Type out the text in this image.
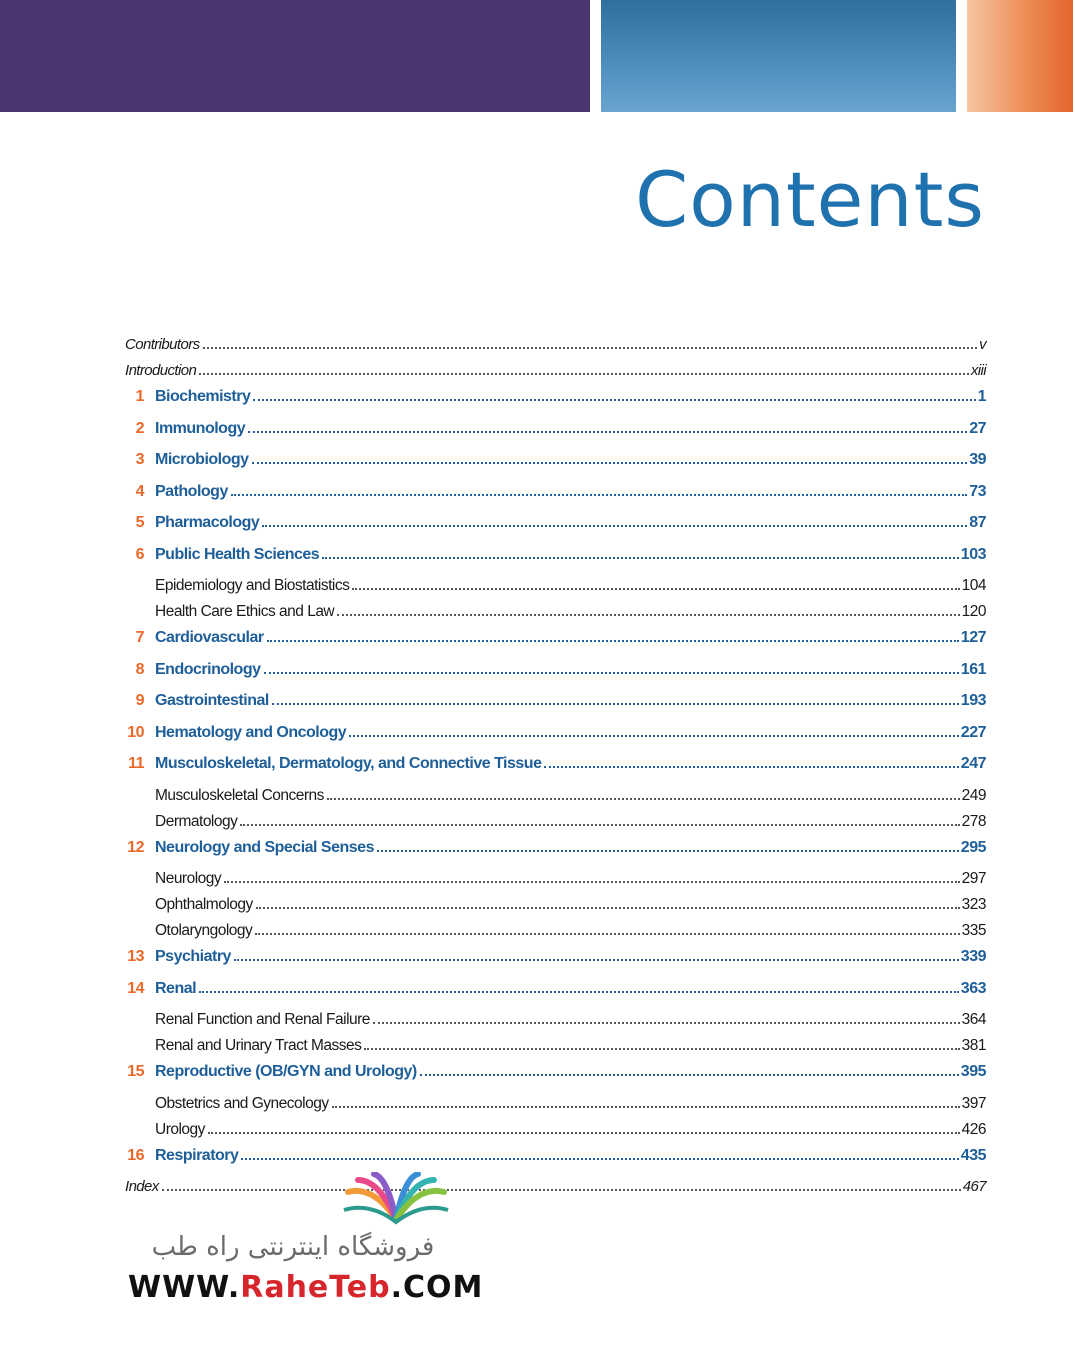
Contents
Contributors	v
Introduction	xiii
1 Biochemistry	1
2 Immunology	27
3 Microbiology	39
4 Pathology	73
5 Pharmacology	87
6 Public Health Sciences	103
Epidemiology and Biostatistics	104
Health Care Ethics and Law	120
7 Cardiovascular	127
8 Endocrinology	161
9 Gastrointestinal	193
10 Hematology and Oncology	227
11 Musculoskeletal, Dermatology, and Connective Tissue	247
Musculoskeletal Concerns	249
Dermatology	278
12 Neurology and Special Senses	295
Neurology	297
Ophthalmology	323
Otolaryngology	335
13 Psychiatry	339
14 Renal	363
Renal Function and Renal Failure	364
Renal and Urinary Tract Masses	381
15 Reproductive (OB/GYN and Urology)	395
Obstetrics and Gynecology	397
Urology	426
16 Respiratory	435
Index	467
فروشگاه اینترنتی راه طب
WWW.RaheTeb.COM
